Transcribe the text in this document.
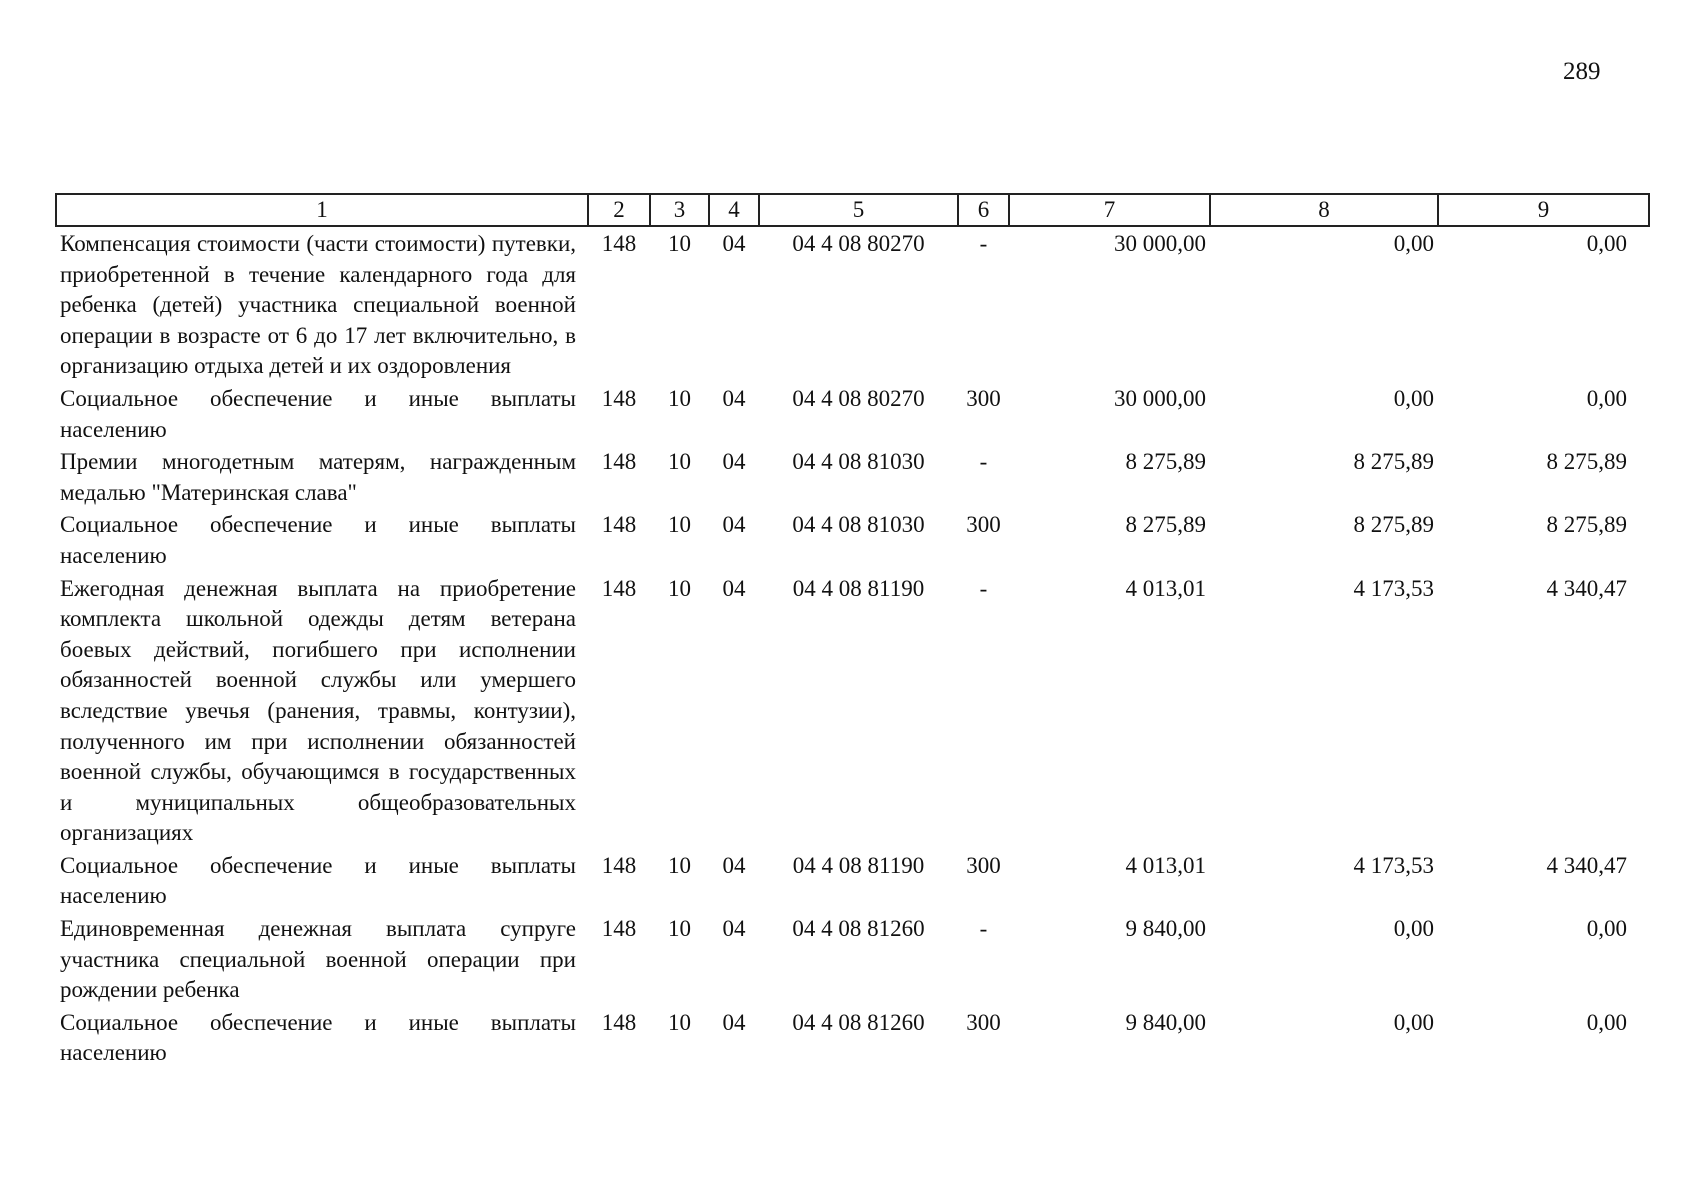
289
1	2	3	4	5	6	7	8	9
Компенсация стоимости (части стоимости) путевки, приобретенной в течение календарного года для ребенка (детей) участника специальной военной операции в возрасте от 6 до 17 лет включительно, в организацию отдыха детей и их оздоровления	148	10	04	04 4 08 80270	-	30 000,00	0,00	0,00
Социальное обеспечение и иные выплаты населению	148	10	04	04 4 08 80270	300	30 000,00	0,00	0,00
Премии многодетным матерям, награжденным медалью "Материнская слава"	148	10	04	04 4 08 81030	-	8 275,89	8 275,89	8 275,89
Социальное обеспечение и иные выплаты населению	148	10	04	04 4 08 81030	300	8 275,89	8 275,89	8 275,89
Ежегодная денежная выплата на приобретение комплекта школьной одежды детям ветерана боевых действий, погибшего при исполнении обязанностей военной службы или умершего вследствие увечья (ранения, травмы, контузии), полученного им при исполнении обязанностей военной службы, обучающимся в государственных и муниципальных общеобразовательных организациях	148	10	04	04 4 08 81190	-	4 013,01	4 173,53	4 340,47
Социальное обеспечение и иные выплаты населению	148	10	04	04 4 08 81190	300	4 013,01	4 173,53	4 340,47
Единовременная денежная выплата супруге участника специальной военной операции при рождении ребенка	148	10	04	04 4 08 81260	-	9 840,00	0,00	0,00
Социальное обеспечение и иные выплаты населению	148	10	04	04 4 08 81260	300	9 840,00	0,00	0,00
